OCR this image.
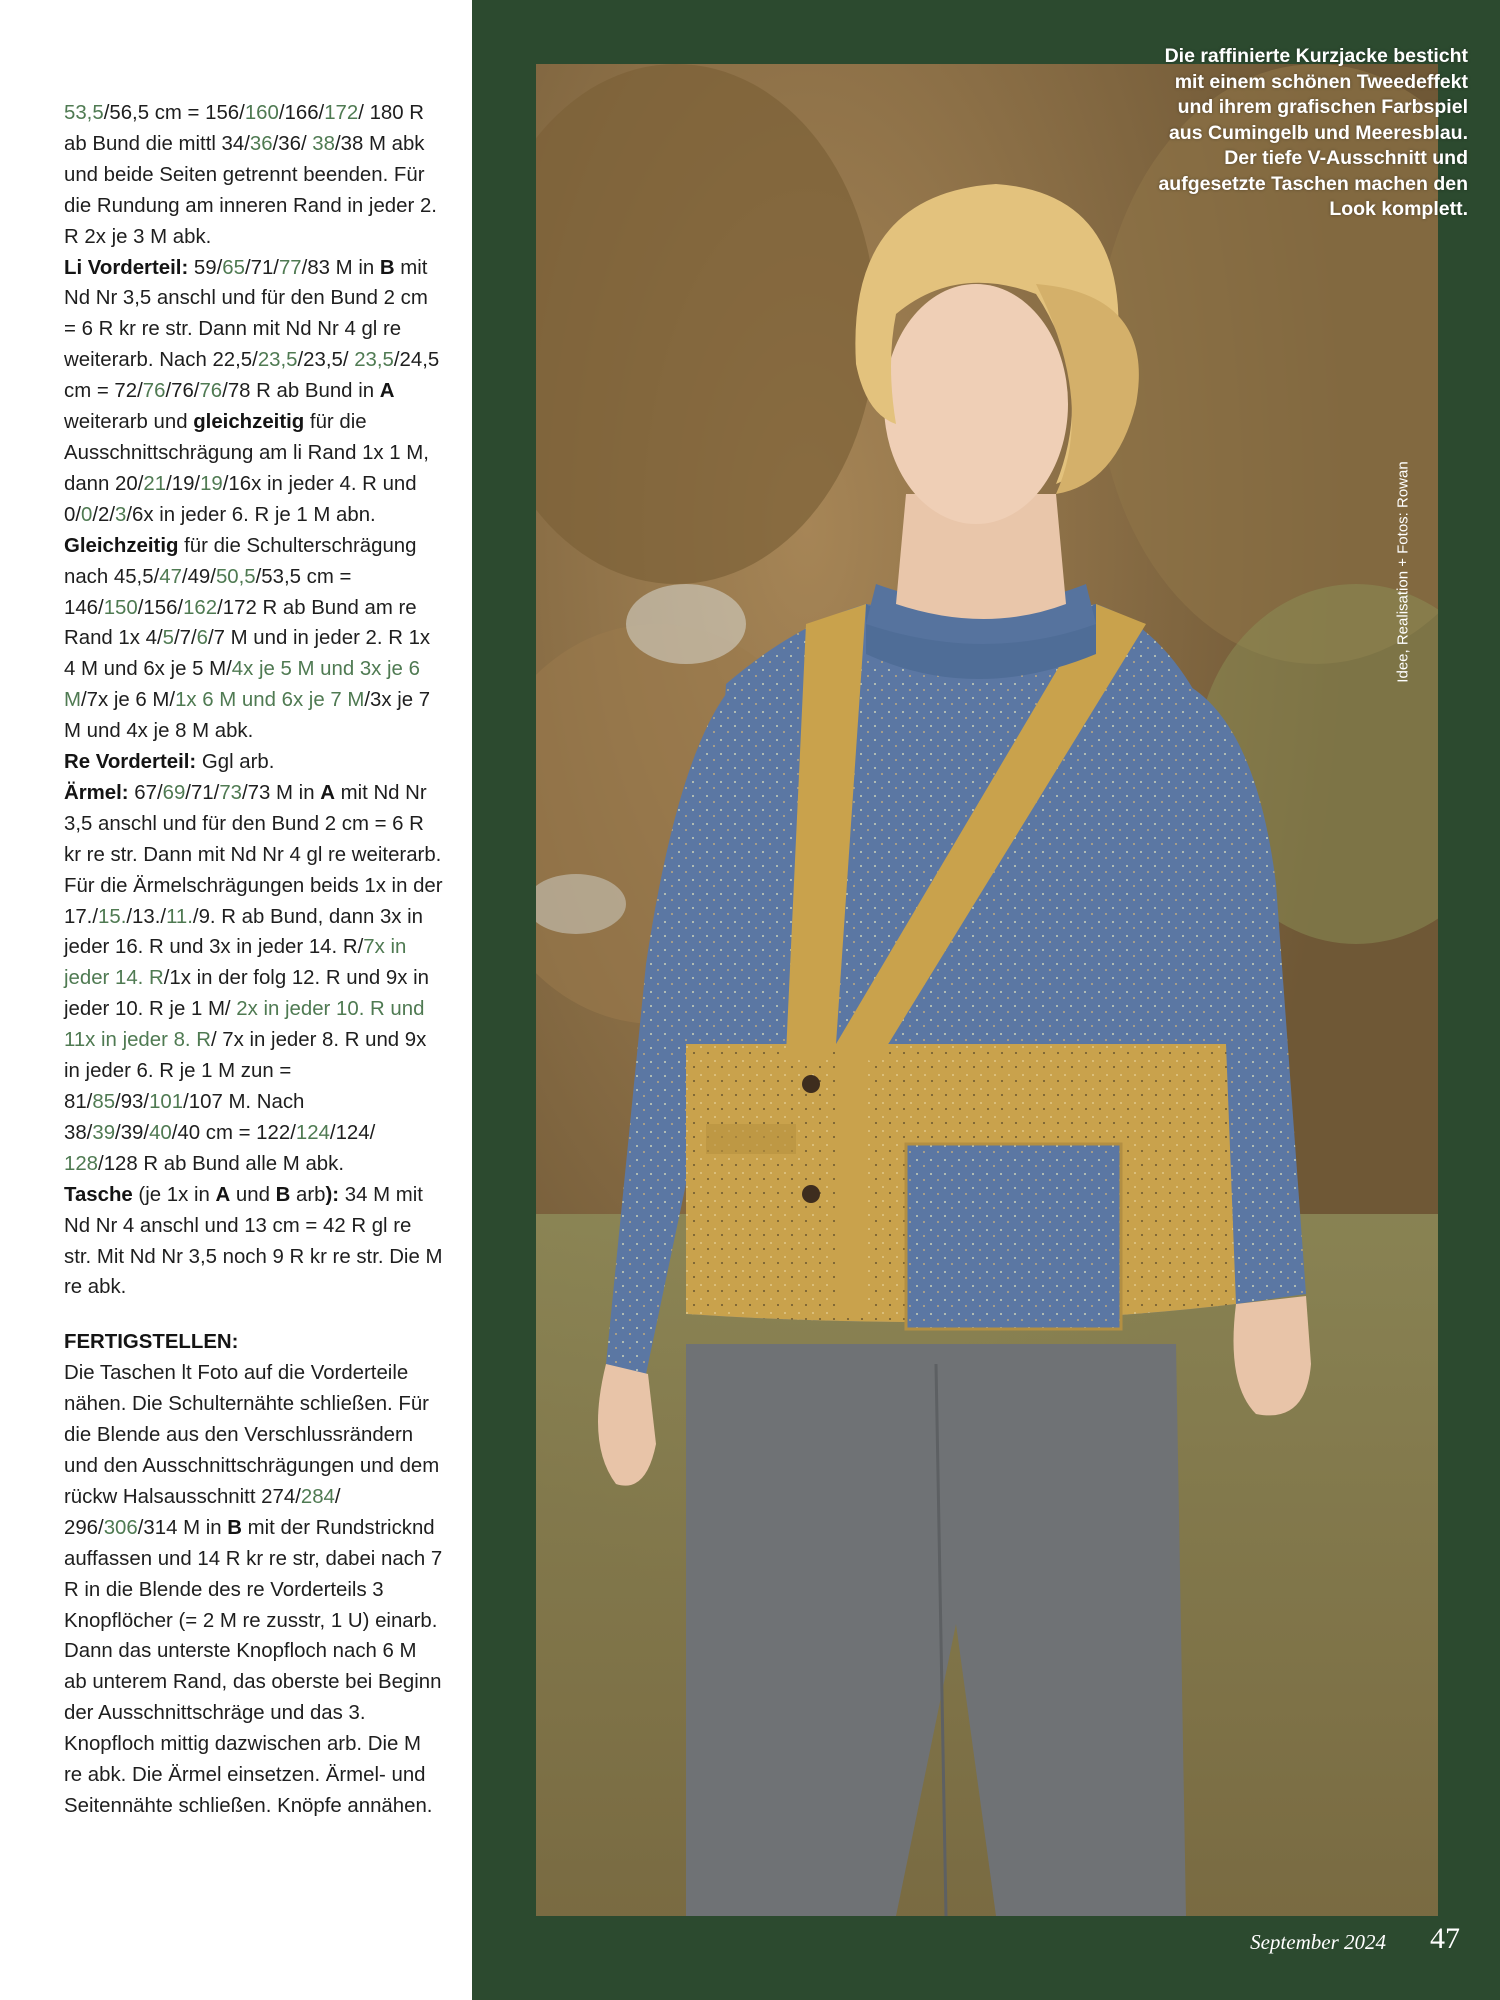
53,5/56,5 cm = 156/160/166/172/ 180 R ab Bund die mittl 34/36/36/ 38/38 M abk und beide Seiten getrennt beenden. Für die Rundung am inneren Rand in jeder 2. R 2x je 3 M abk.

Li Vorderteil: 59/65/71/77/83 M in B mit Nd Nr 3,5 anschl und für den Bund 2 cm = 6 R kr re str. Dann mit Nd Nr 4 gl re weiterarb. Nach 22,5/23,5/23,5/ 23,5/24,5 cm = 72/76/76/76/78 R ab Bund in A weiterarb und gleichzeitig für die Ausschnittschrägung am li Rand 1x 1 M, dann 20/21/19/19/16x in jeder 4. R und 0/0/2/3/6x in jeder 6. R je 1 M abn. Gleichzeitig für die Schulterschrägung nach 45,5/47/49/50,5/53,5 cm = 146/150/156/162/172 R ab Bund am re Rand 1x 4/5/7/6/7 M und in jeder 2. R 1x 4 M und 6x je 5 M/4x je 5 M und 3x je 6 M/7x je 6 M/1x 6 M und 6x je 7 M/3x je 7 M und 4x je 8 M abk.

Re Vorderteil: Ggl arb.

Ärmel: 67/69/71/73/73 M in A mit Nd Nr 3,5 anschl und für den Bund 2 cm = 6 R kr re str. Dann mit Nd Nr 4 gl re weiterarb. Für die Ärmelschrägungen beids 1x in der 17./15./13./11./9. R ab Bund, dann 3x in jeder 16. R und 3x in jeder 14. R/7x in jeder 14. R/1x in der folg 12. R und 9x in jeder 10. R je 1 M/ 2x in jeder 10. R und 11x in jeder 8. R/ 7x in jeder 8. R und 9x in jeder 6. R je 1 M zun = 81/85/93/101/107 M. Nach 38/39/39/40/40 cm = 122/124/124/ 128/128 R ab Bund alle M abk.

Tasche (je 1x in A und B arb): 34 M mit Nd Nr 4 anschl und 13 cm = 42 R gl re str. Mit Nd Nr 3,5 noch 9 R kr re str. Die M re abk.

FERTIGSTELLEN:

Die Taschen lt Foto auf die Vorderteile nähen. Die Schulternähte schließen. Für die Blende aus den Verschlussrändern und den Ausschnittschrägungen und dem rückw Halsausschnitt 274/284/ 296/306/314 M in B mit der Rundstricknd auffassen und 14 R kr re str, dabei nach 7 R in die Blende des re Vorderteils 3 Knopflöcher (= 2 M re zusstr, 1 U) einarb. Dann das unterste Knopfloch nach 6 M ab unterem Rand, das oberste bei Beginn der Ausschnittschräge und das 3. Knopfloch mittig dazwischen arb. Die M re abk. Die Ärmel einsetzen. Ärmel- und Seitennähte schließen. Knöpfe annähen.

Die raffinierte Kurzjacke besticht mit einem schönen Tweedeffekt und ihrem grafischen Farbspiel aus Cumingelb und Meeresblau. Der tiefe V-Ausschnitt und aufgesetzte Taschen machen den Look komplett.
Idee, Realisation + Fotos: Rowan
September 2024 47
